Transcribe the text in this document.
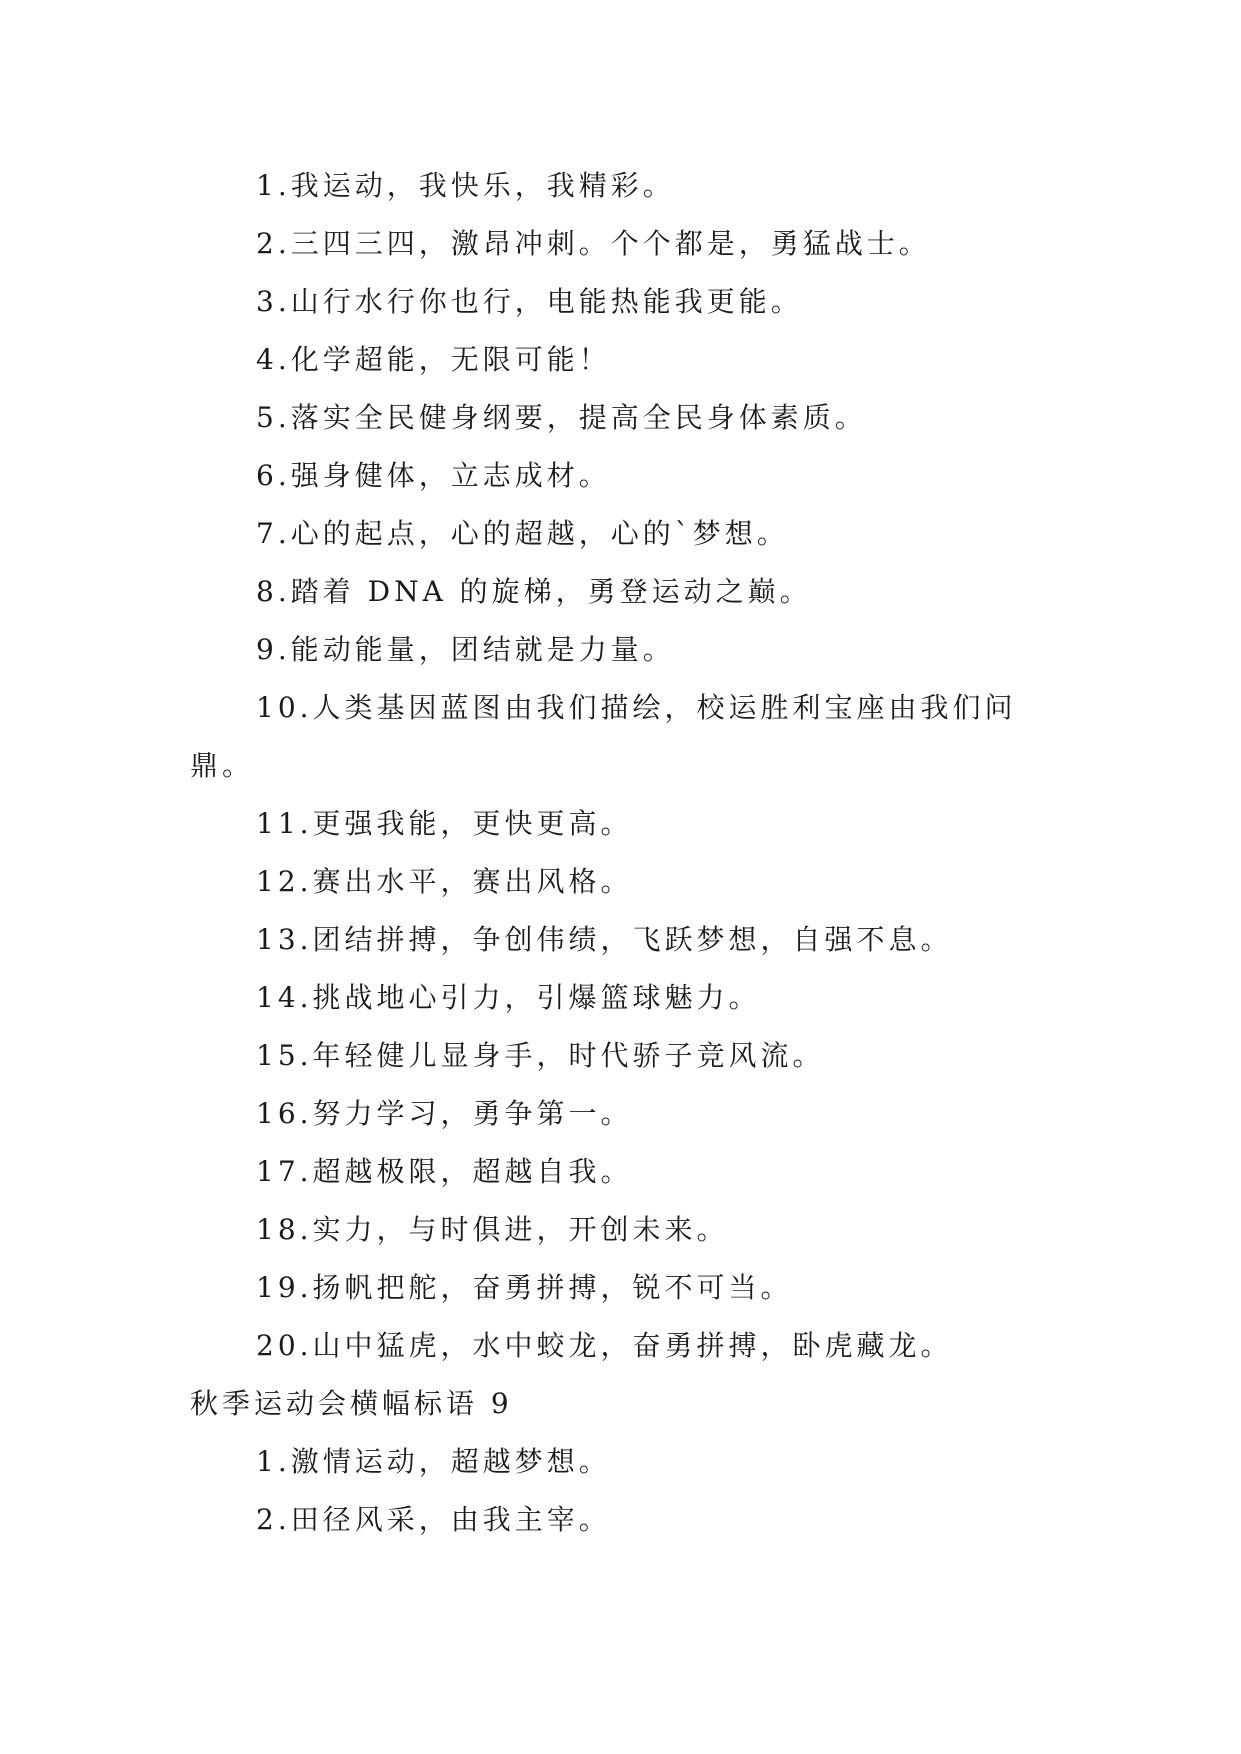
1.我运动，我快乐，我精彩。
2.三四三四，激昂冲刺。个个都是，勇猛战士。
3.山行水行你也行，电能热能我更能。
4.化学超能，无限可能！
5.落实全民健身纲要，提高全民身体素质。
6.强身健体，立志成材。
7.心的起点，心的超越，心的`梦想。
8.踏着 DNA 的旋梯，勇登运动之巅。
9.能动能量，团结就是力量。
10.人类基因蓝图由我们描绘，校运胜利宝座由我们问鼎。
11.更强我能，更快更高。
12.赛出水平，赛出风格。
13.团结拼搏，争创伟绩，飞跃梦想，自强不息。
14.挑战地心引力，引爆篮球魅力。
15.年轻健儿显身手，时代骄子竞风流。
16.努力学习，勇争第一。
17.超越极限，超越自我。
18.实力，与时俱进，开创未来。
19.扬帆把舵，奋勇拼搏，锐不可当。
20.山中猛虎，水中蛟龙，奋勇拼搏，卧虎藏龙。
秋季运动会横幅标语 9
1.激情运动，超越梦想。
2.田径风采，由我主宰。
